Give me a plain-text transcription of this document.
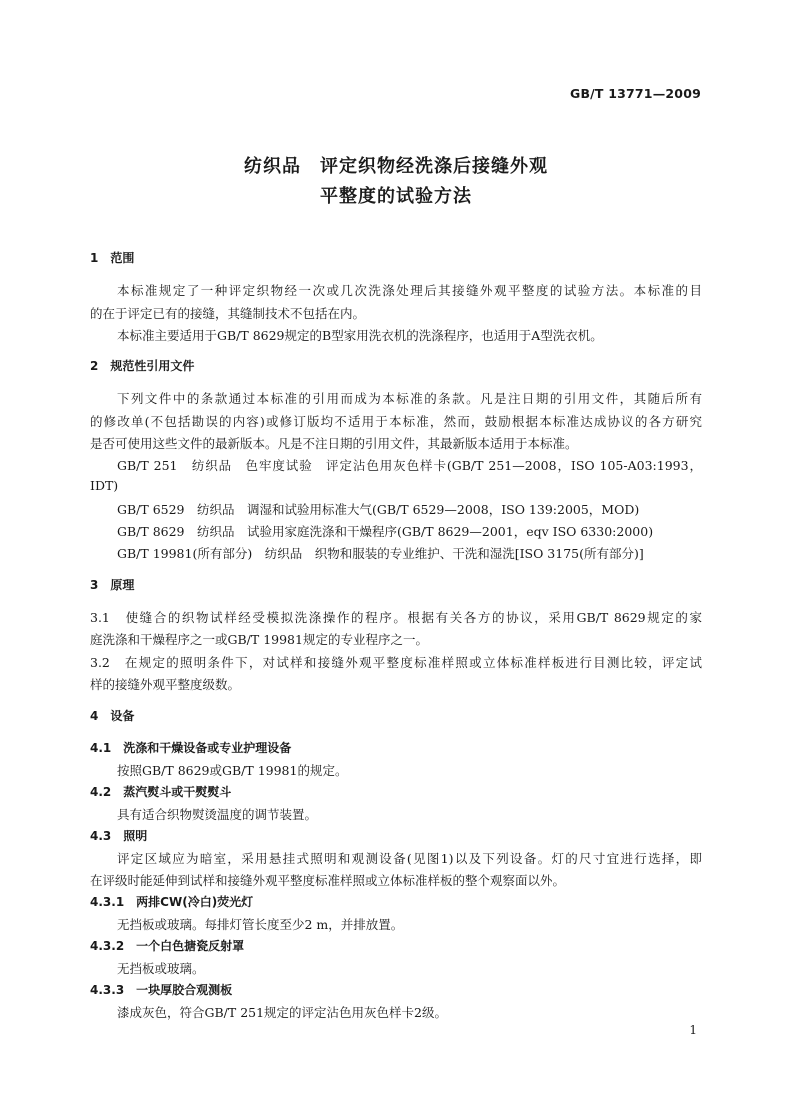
GB/T 13771—2009
纺织品　评定织物经洗涤后接缝外观
平整度的试验方法
1　范围
本标准规定了一种评定织物经一次或几次洗涤处理后其接缝外观平整度的试验方法。本标准的目
的在于评定已有的接缝，其缝制技术不包括在内。
本标准主要适用于GB/T 8629规定的B型家用洗衣机的洗涤程序，也适用于A型洗衣机。
2　规范性引用文件
下列文件中的条款通过本标准的引用而成为本标准的条款。凡是注日期的引用文件，其随后所有
的修改单(不包括勘误的内容)或修订版均不适用于本标准，然而，鼓励根据本标准达成协议的各方研究
是否可使用这些文件的最新版本。凡是不注日期的引用文件，其最新版本适用于本标准。
GB/T 251　纺织品　色牢度试验　评定沾色用灰色样卡(GB/T 251—2008，ISO 105-A03:1993，
IDT)
GB/T 6529　纺织品　调湿和试验用标准大气(GB/T 6529—2008，ISO 139:2005，MOD)
GB/T 8629　纺织品　试验用家庭洗涤和干燥程序(GB/T 8629—2001，eqv ISO 6330:2000)
GB/T 19981(所有部分)　纺织品　织物和服装的专业维护、干洗和湿洗[ISO 3175(所有部分)]
3　原理
3.1　使缝合的织物试样经受模拟洗涤操作的程序。根据有关各方的协议，采用GB/T 8629规定的家
庭洗涤和干燥程序之一或GB/T 19981规定的专业程序之一。
3.2　在规定的照明条件下，对试样和接缝外观平整度标准样照或立体标准样板进行目测比较，评定试
样的接缝外观平整度级数。
4　设备
4.1　洗涤和干燥设备或专业护理设备
按照GB/T 8629或GB/T 19981的规定。
4.2　蒸汽熨斗或干熨熨斗
具有适合织物熨烫温度的调节装置。
4.3　照明
评定区域应为暗室，采用悬挂式照明和观测设备(见图1)以及下列设备。灯的尺寸宜进行选择，即
在评级时能延伸到试样和接缝外观平整度标准样照或立体标准样板的整个观察面以外。
4.3.1　两排CW(冷白)荧光灯
无挡板或玻璃。每排灯管长度至少2 m，并排放置。
4.3.2　一个白色搪瓷反射罩
无挡板或玻璃。
4.3.3　一块厚胶合观测板
漆成灰色，符合GB/T 251规定的评定沾色用灰色样卡2级。
1
